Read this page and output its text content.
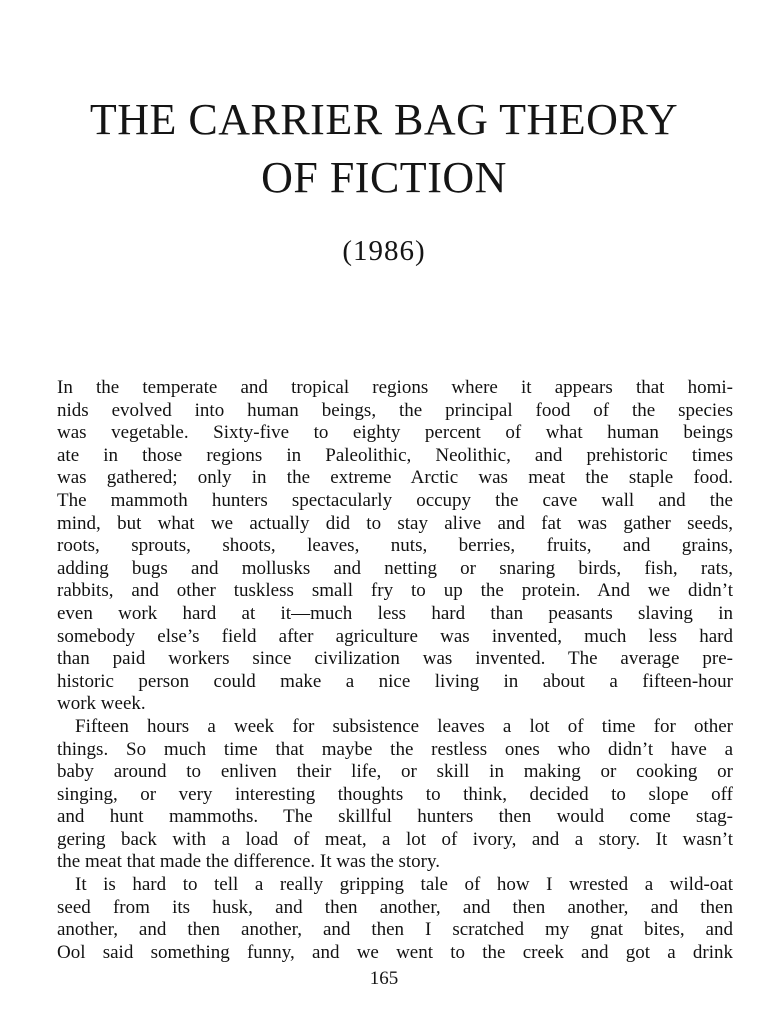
THE CARRIER BAG THEORY
OF FICTION
(1986)
In the temperate and tropical regions where it appears that homi-
nids evolved into human beings, the principal food of the species
was vegetable. Sixty-five to eighty percent of what human beings
ate in those regions in Paleolithic, Neolithic, and prehistoric times
was gathered; only in the extreme Arctic was meat the staple food.
The mammoth hunters spectacularly occupy the cave wall and the
mind, but what we actually did to stay alive and fat was gather seeds,
roots, sprouts, shoots, leaves, nuts, berries, fruits, and grains,
adding bugs and mollusks and netting or snaring birds, fish, rats,
rabbits, and other tuskless small fry to up the protein. And we didn’t
even work hard at it—much less hard than peasants slaving in
somebody else’s field after agriculture was invented, much less hard
than paid workers since civilization was invented. The average pre-
historic person could make a nice living in about a fifteen-hour
work week.
Fifteen hours a week for subsistence leaves a lot of time for other
things. So much time that maybe the restless ones who didn’t have a
baby around to enliven their life, or skill in making or cooking or
singing, or very interesting thoughts to think, decided to slope off
and hunt mammoths. The skillful hunters then would come stag-
gering back with a load of meat, a lot of ivory, and a story. It wasn’t
the meat that made the difference. It was the story.
It is hard to tell a really gripping tale of how I wrested a wild-oat
seed from its husk, and then another, and then another, and then
another, and then another, and then I scratched my gnat bites, and
Ool said something funny, and we went to the creek and got a drink
165
